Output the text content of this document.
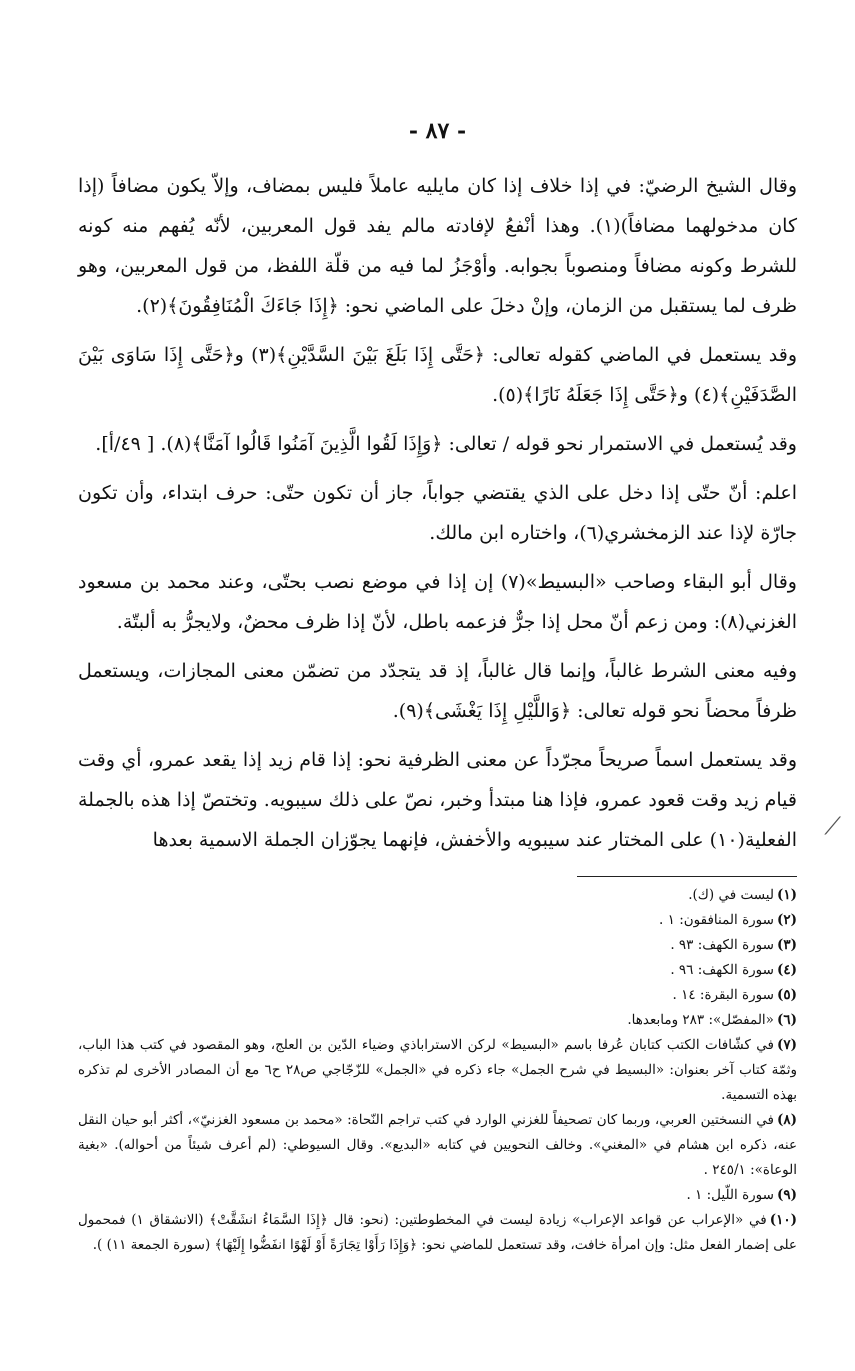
- ٨٧ -

وقال الشيخ الرضيّ: في إذا خلاف إذا كان مايليه عاملاً فليس بمضاف، وإلاّ يكون مضافاً (إذا كان مدخولهما مضافاً)(١). وهذا أنْفعُ لإفادته مالم يفد قول المعربين، لأنّه يُفهم منه كونه للشرط وكونه مضافاً ومنصوباً بجوابه. وأوْجَزُ لما فيه من قلّة اللفظ، من قول المعربين، وهو ظرف لما يستقبل من الزمان، وإنْ دخلَ على الماضي نحو: ﴿إِذَا جَاءَكَ الْمُنَافِقُونَ﴾(٢).

وقد يستعمل في الماضي كقوله تعالى: ﴿حَتَّى إِذَا بَلَغَ بَيْنَ السَّدَّيْنِ﴾(٣) و﴿حَتَّى إِذَا سَاوَى بَيْنَ الصَّدَفَيْنِ﴾(٤) و﴿حَتَّى إِذَا جَعَلَهُ نَارًا﴾(٥).

وقد يُستعمل في الاستمرار نحو قوله / تعالى: ﴿وَإِذَا لَقُوا الَّذِينَ آمَنُوا قَالُوا آمَنَّا﴾(٨). [ ٤٩/أ].

اعلم: أنّ حتّى إذا دخل على الذي يقتضي جواباً، جاز أن تكون حتّى: حرف ابتداء، وأن تكون جارّة لإذا عند الزمخشري(٦)، واختاره ابن مالك.

وقال أبو البقاء وصاحب «البسيط»(٧) إن إذا في موضع نصب بحتّى، وعند محمد بن مسعود الغزني(٨): ومن زعم أنّ محل إذا جرٌّ فزعمه باطل، لأنّ إذا ظرف محضٌ، ولايجرُّ به ألبتّة.

وفيه معنى الشرط غالباً، وإنما قال غالباً، إذ قد يتجدّد من تضمّن معنى المجازات، ويستعمل ظرفاً محضاً نحو قوله تعالى: ﴿وَاللَّيْلِ إِذَا يَغْشَى﴾(٩).

وقد يستعمل اسماً صريحاً مجرّداً عن معنى الظرفية نحو: إذا قام زيد إذا يقعد عمرو، أي وقت قيام زيد وقت قعود عمرو، فإذا هنا مبتدأ وخبر، نصّ على ذلك سيبويه. وتختصّ إذا هذه بالجملة الفعلية(١٠) على المختار عند سيبويه والأخفش، فإنهما يجوّزان الجملة الاسمية بعدها

(١)ليست في (ك).

(٢)سورة المنافقون: ١ .

(٣)سورة الكهف: ٩٣ .

(٤)سورة الكهف: ٩٦ .

(٥)سورة البقرة: ١٤ .

(٦)«المفصّل»: ٢٨٣ ومابعدها.

(٧)في كشّافات الكتب كتابان عُرفا باسم «البسيط» لركن الاستراباذي وضياء الدّين بن العلج، وهو المقصود في كتب هذا الباب، وثمّة كتاب آخر بعنوان: «البسيط في شرح الجمل» جاء ذكره في «الجمل» للزّجّاجي ص٢٨ ح٦ مع أن المصادر الأخرى لم تذكره بهذه التسمية.

(٨)في النسختين العربي، وربما كان تصحيفاً للغزني الوارد في كتب تراجم النّحاة: «محمد بن مسعود الغزنيّ»، أكثر أبو حيان النقل عنه، ذكره ابن هشام في «المغني». وخالف النحويين في كتابه «البديع». وقال السيوطي: (لم أعرف شيئاً من أحواله). «بغية الوعاة»: ٢٤٥/١ .

(٩)سورة اللّيل: ١ .

(١٠)في «الإعراب عن قواعد الإعراب» زيادة ليست في المخطوطتين: (نحو: قال ﴿إِذَا السَّمَاءُ انشَقَّتْ﴾ (الانشقاق ١) فمحمول على إضمار الفعل مثل: وإن امرأة خافت، وقد تستعمل للماضي نحو: ﴿وَإِذَا رَأَوْا تِجَارَةً أَوْ لَهْوًا انفَضُّوا إِلَيْهَا﴾ (سورة الجمعة ١١) ).

⟍
